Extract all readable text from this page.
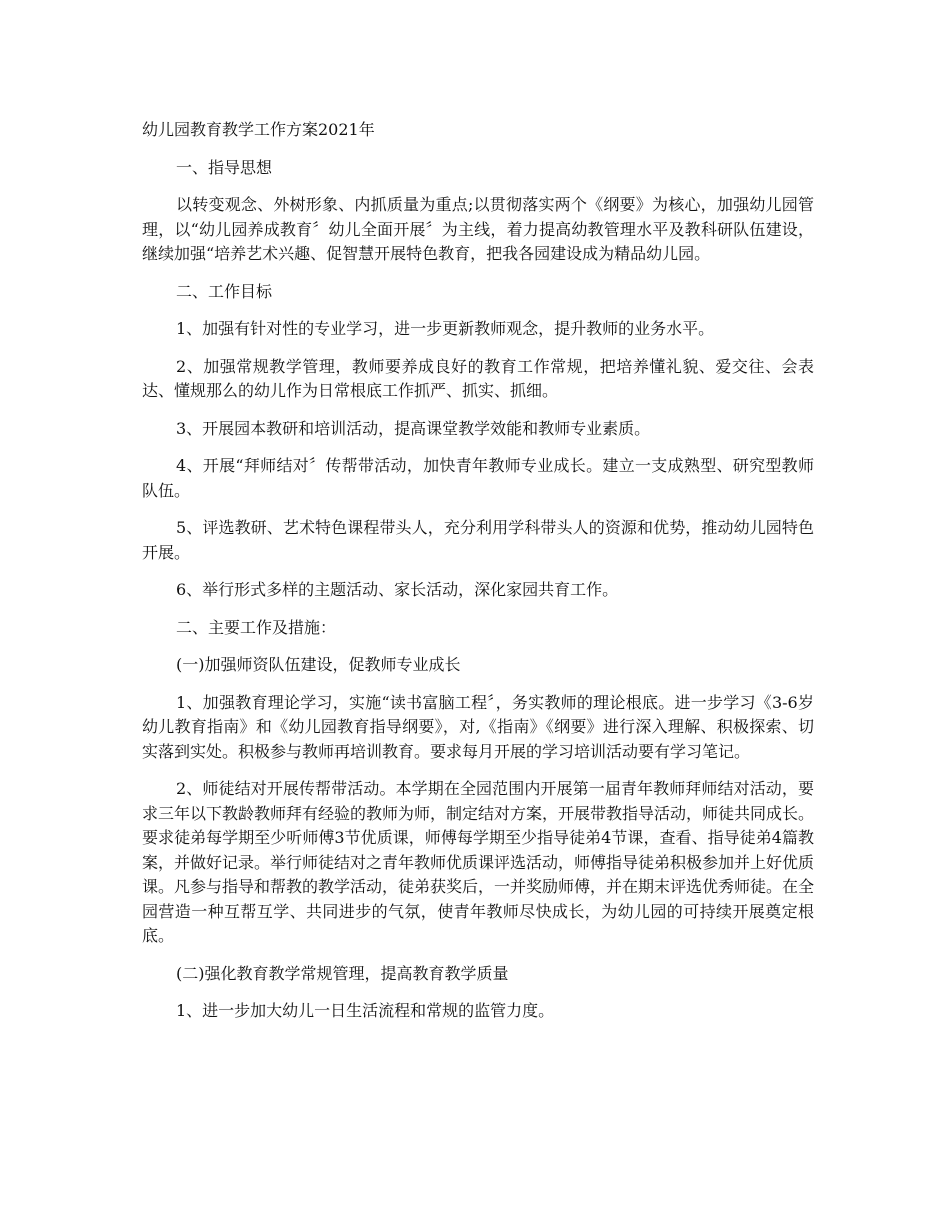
幼儿园教育教学工作方案2021年

一、指导思想

以转变观念、外树形象、内抓质量为重点;以贯彻落实两个《纲要》为核心，加强幼儿园管理，以“幼儿园养成教育〞幼儿全面开展〞为主线，着力提高幼教管理水平及教科研队伍建设，继续加强“培养艺术兴趣、促智慧开展特色教育，把我各园建设成为精品幼儿园。

二、工作目标

1、加强有针对性的专业学习，进一步更新教师观念，提升教师的业务水平。

2、加强常规教学管理，教师要养成良好的教育工作常规，把培养懂礼貌、爱交往、会表达、懂规那么的幼儿作为日常根底工作抓严、抓实、抓细。

3、开展园本教研和培训活动，提高课堂教学效能和教师专业素质。

4、开展“拜师结对〞传帮带活动，加快青年教师专业成长。建立一支成熟型、研究型教师队伍。

5、评选教研、艺术特色课程带头人，充分利用学科带头人的资源和优势，推动幼儿园特色开展。

6、举行形式多样的主题活动、家长活动，深化家园共育工作。

二、主要工作及措施：

(一)加强师资队伍建设，促教师专业成长

1、加强教育理论学习，实施“读书富脑工程〞，务实教师的理论根底。进一步学习《3-6岁幼儿教育指南》和《幼儿园教育指导纲要》，对,《指南》《纲要》进行深入理解、积极探索、切实落到实处。积极参与教师再培训教育。要求每月开展的学习培训活动要有学习笔记。

2、师徒结对开展传帮带活动。本学期在全园范围内开展第一届青年教师拜师结对活动，要求三年以下教龄教师拜有经验的教师为师，制定结对方案，开展带教指导活动，师徒共同成长。要求徒弟每学期至少听师傅3节优质课，师傅每学期至少指导徒弟4节课，查看、指导徒弟4篇教案，并做好记录。举行师徒结对之青年教师优质课评选活动，师傅指导徒弟积极参加并上好优质课。凡参与指导和帮教的教学活动，徒弟获奖后，一并奖励师傅，并在期末评选优秀师徒。在全园营造一种互帮互学、共同进步的气氛，使青年教师尽快成长，为幼儿园的可持续开展奠定根底。

(二)强化教育教学常规管理，提高教育教学质量

1、进一步加大幼儿一日生活流程和常规的监管力度。
